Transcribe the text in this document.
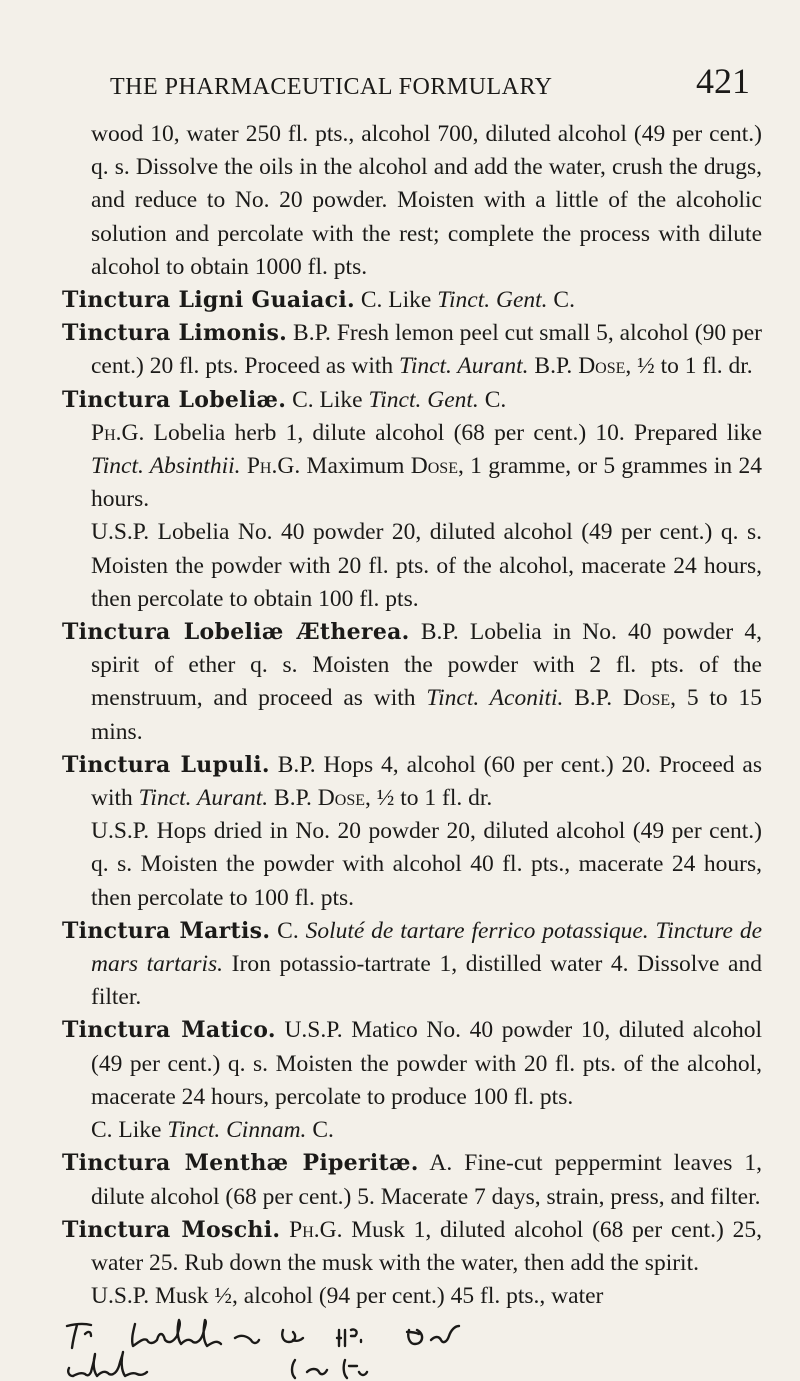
THE PHARMACEUTICAL FORMULARY	421

wood 10, water 250 fl. pts., alcohol 700, diluted alcohol (49 per cent.) q. s. Dissolve the oils in the alcohol and add the water, crush the drugs, and reduce to No. 20 powder. Moisten with a little of the alcoholic solution and percolate with the rest; complete the process with dilute alcohol to obtain 1000 fl. pts.

Tinctura Ligni Guaiaci. C. Like Tinct. Gent. C.

Tinctura Limonis. B.P. Fresh lemon peel cut small 5, alcohol (90 per cent.) 20 fl. pts. Proceed as with Tinct. Aurant. B.P. Dose, ½ to 1 fl. dr.

Tinctura Lobeliæ. C. Like Tinct. Gent. C.

Ph.G. Lobelia herb 1, dilute alcohol (68 per cent.) 10. Prepared like Tinct. Absinthii. Ph.G. Maximum Dose, 1 gramme, or 5 grammes in 24 hours.

U.S.P. Lobelia No. 40 powder 20, diluted alcohol (49 per cent.) q. s. Moisten the powder with 20 fl. pts. of the alcohol, macerate 24 hours, then percolate to obtain 100 fl. pts.

Tinctura Lobeliæ Ætherea. B.P. Lobelia in No. 40 powder 4, spirit of ether q. s. Moisten the powder with 2 fl. pts. of the menstruum, and proceed as with Tinct. Aconiti. B.P. Dose, 5 to 15 mins.

Tinctura Lupuli. B.P. Hops 4, alcohol (60 per cent.) 20. Proceed as with Tinct. Aurant. B.P. Dose, ½ to 1 fl. dr.

U.S.P. Hops dried in No. 20 powder 20, diluted alcohol (49 per cent.) q. s. Moisten the powder with alcohol 40 fl. pts., macerate 24 hours, then percolate to 100 fl. pts.

Tinctura Martis. C. Soluté de tartare ferrico potassique. Tincture de mars tartaris. Iron potassio-tartrate 1, distilled water 4. Dissolve and filter.

Tinctura Matico. U.S.P. Matico No. 40 powder 10, diluted alcohol (49 per cent.) q. s. Moisten the powder with 20 fl. pts. of the alcohol, macerate 24 hours, percolate to produce 100 fl. pts.

C. Like Tinct. Cinnam. C.

Tinctura Menthæ Piperitæ. A. Fine-cut peppermint leaves 1, dilute alcohol (68 per cent.) 5. Macerate 7 days, strain, press, and filter.

Tinctura Moschi. Ph.G. Musk 1, diluted alcohol (68 per cent.) 25, water 25. Rub down the musk with the water, then add the spirit.

U.S.P. Musk ½, alcohol (94 per cent.) 45 fl. pts., water
